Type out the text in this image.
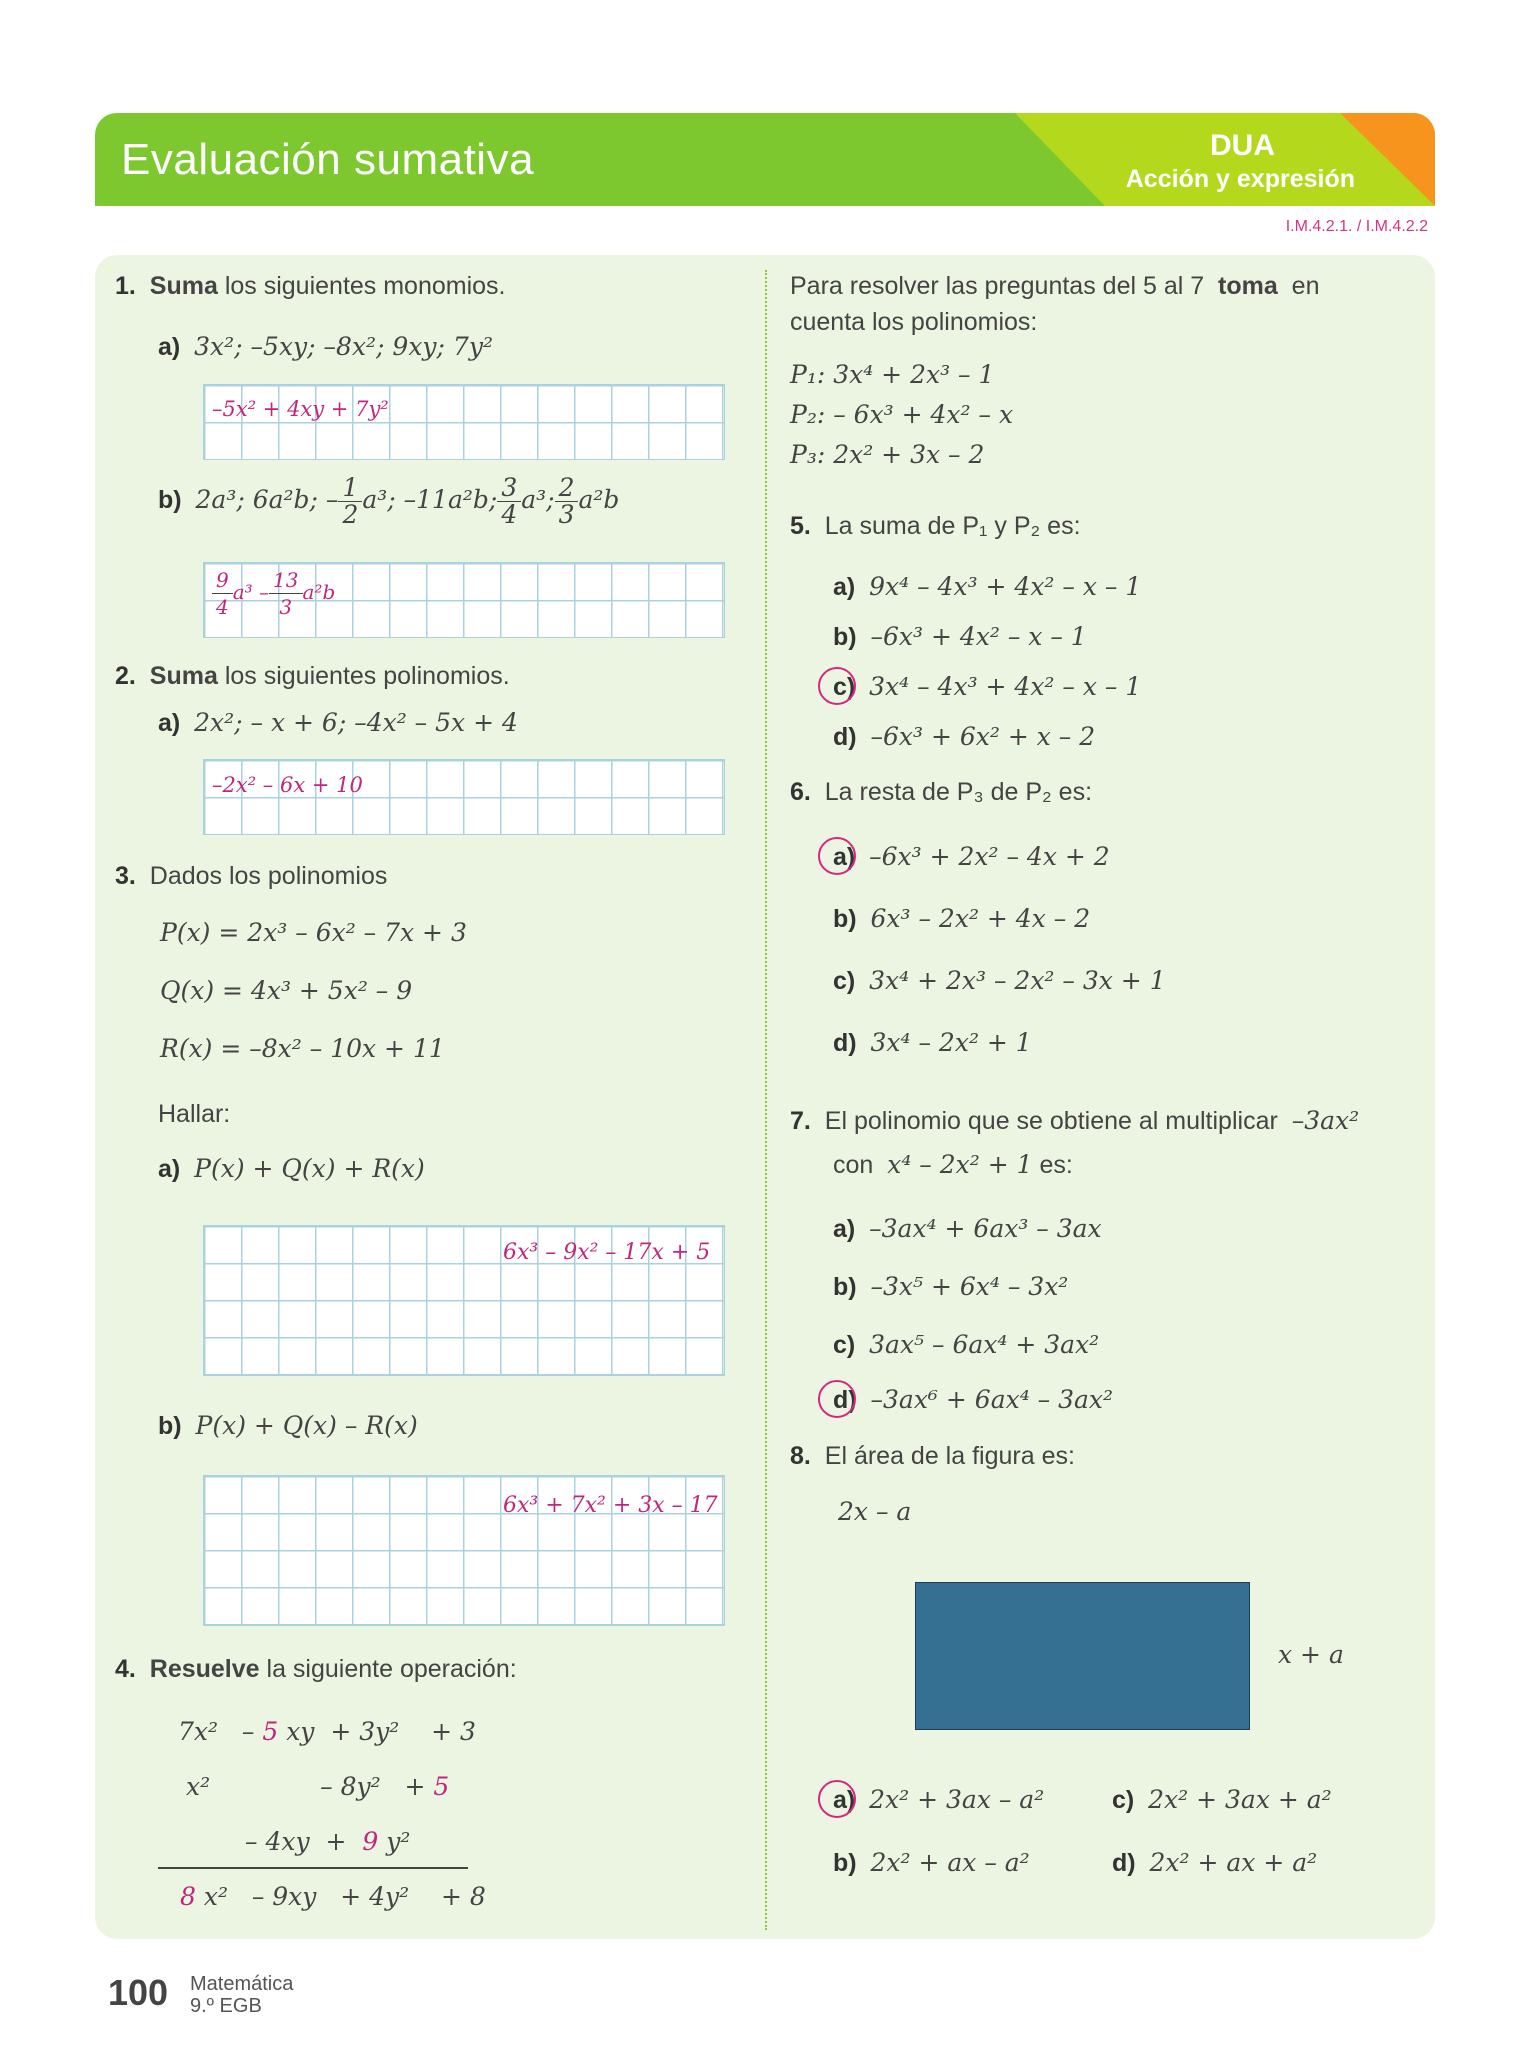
Evaluación sumativa	DUA
Acción y expresión
I.M.4.2.1. / I.M.4.2.2
1. Suma los siguientes monomios.
a) 3x²; –5xy; –8x²; 9xy; 7y²
–5x² + 4xy + 7y²
b) 2a³; 6a²b; – $\frac{1}{2} a^3$; –11a²b; $\frac{3}{4} a^3$; $\frac{2}{3} a^2b$
$\frac{9}{4} a^3 - \frac{13}{3} a^2b$
2. Suma los siguientes polinomios.
a) 2x²; – x + 6; –4x² – 5x + 4
–2x² – 6x + 10
3. Dados los polinomios
P(x) = 2x³ – 6x² – 7x + 3
Q(x) = 4x³ + 5x² – 9
R(x) = –8x² – 10x + 11
Hallar:
a) P(x) + Q(x) + R(x)
6x³ – 9x² – 17x + 5
b) P(x) + Q(x) – R(x)
6x³ + 7x² + 3x – 17
4. Resuelve la siguiente operación:
7x² – 5 xy + 3y² + 3
x²	– 8y² + 5
– 4xy + 9 y²
8 x² – 9xy + 4y² + 8
Para resolver las preguntas del 5 al 7 toma en
cuenta los polinomios:
P₁: 3x⁴ + 2x³ – 1
P₂: – 6x³ + 4x² – x
P₃: 2x² + 3x – 2
5. La suma de P₁ y P₂ es:
a) 9x⁴ – 4x³ + 4x² – x – 1
b) –6x³ + 4x² – x – 1
c) 3x⁴ – 4x³ + 4x² – x – 1
d) –6x³ + 6x² + x – 2
6. La resta de P₃ de P₂ es:
a) –6x³ + 2x² – 4x + 2
b) 6x³ – 2x² + 4x – 2
c) 3x⁴ + 2x³ – 2x² – 3x + 1
d) 3x⁴ – 2x² + 1
7. El polinomio que se obtiene al multiplicar –3ax²
con x⁴ – 2x² + 1 es:
a) –3ax⁴ + 6ax³ – 3ax
b) –3x⁵ + 6x⁴ – 3x²
c) 3ax⁵ – 6ax⁴ + 3ax²
d) –3ax⁶ + 6ax⁴ – 3ax²
8. El área de la figura es:
2x – a
x + a
a) 2x² + 3ax – a²	c) 2x² + 3ax + a²
b) 2x² + ax – a²	d) 2x² + ax + a²
100 Matemática
9.º EGB
